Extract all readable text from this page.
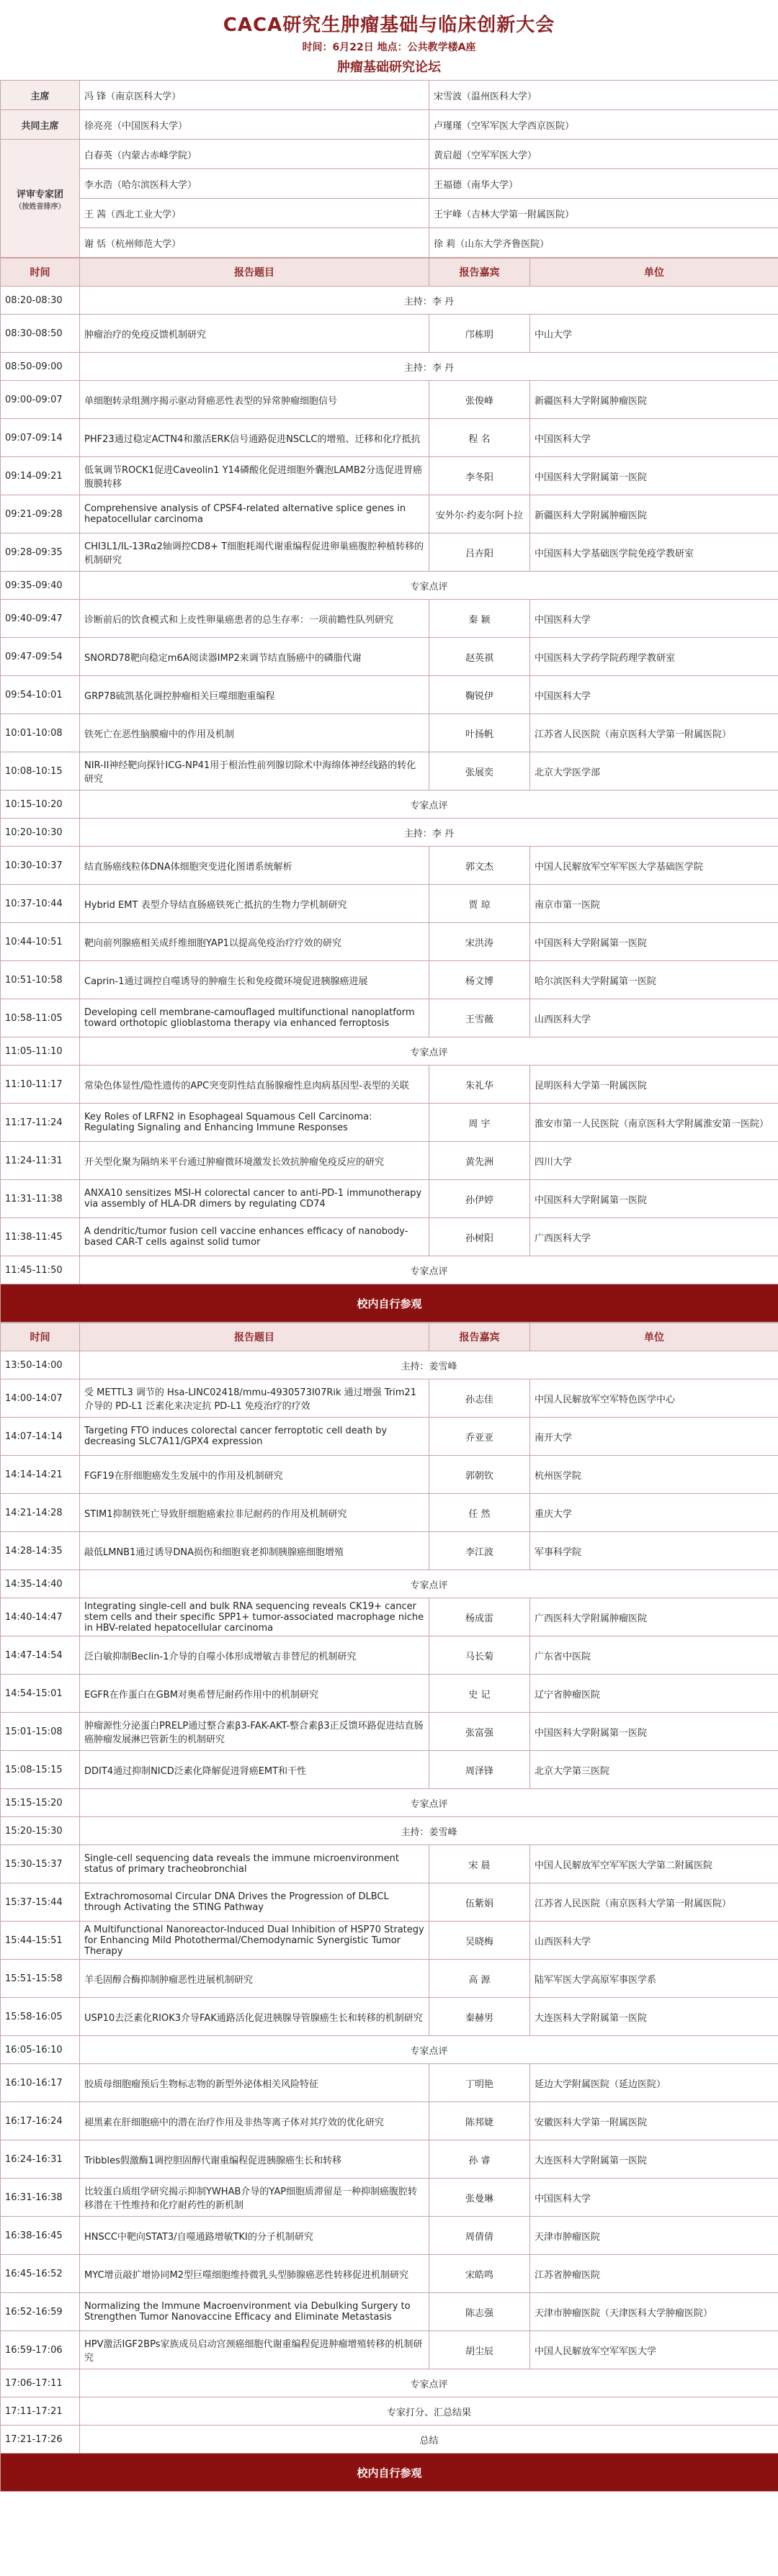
CACA研究生肿瘤基础与临床创新大会
时间：6月22日 地点：公共教学楼A座
肿瘤基础研究论坛
主席	冯 锋（南京医科大学）	宋雪波（温州医科大学）
共同主席	徐亮亮（中国医科大学）	卢瑾瑾（空军军医大学西京医院）
评审专家团
（按姓音排序）	白春英（内蒙古赤峰学院）	黄启超（空军军医大学）
	李水浩（哈尔滨医科大学）	王福德（南华大学）
	王 茜（西北工业大学）	王宇峰（吉林大学第一附属医院）
	谢 恬（杭州师范大学）	徐 莉（山东大学齐鲁医院）
时间	报告题目	报告嘉宾	单位
08:20-08:30	主持：李 丹		
08:30-08:50	肿瘤治疗的免疫反馈机制研究	邝栋明	中山大学
08:50-09:00	主持：李 丹		
09:00-09:07	单细胞转录组测序揭示驱动肾癌恶性表型的异常肿瘤细胞信号	张俊峰	新疆医科大学附属肿瘤医院
09:07-09:14	PHF23通过稳定ACTN4和激活ERK信号通路促进NSCLC的增殖、迁移和化疗抵抗	程 名	中国医科大学
09:14-09:21	低氧调节ROCK1促进Caveolin1 Y14磷酸化促进细胞外囊泡LAMB2分选促进胃癌腹膜转移	李冬阳	中国医科大学附属第一医院
09:21-09:28	Comprehensive analysis of CPSF4-related alternative splice genes in hepatocellular carcinoma	安外尔·约麦尔阿卜拉	新疆医科大学附属肿瘤医院
09:28-09:35	CHI3L1/IL-13Rα2轴调控CD8+ T细胞耗竭代谢重编程促进卵巢癌腹腔种植转移的机制研究	吕卉阳	中国医科大学基础医学院免疫学教研室
09:35-09:40	专家点评		
09:40-09:47	诊断前后的饮食模式和上皮性卵巢癌患者的总生存率：一项前瞻性队列研究	秦 颖	中国医科大学
09:47-09:54	SNORD78靶向稳定m6A阅读器IMP2来调节结直肠癌中的磷脂代谢	赵英祺	中国医科大学药学院药理学教研室
09:54-10:01	GRP78硫凯基化调控肿瘤相关巨噬细胞重编程	鞠锐伊	中国医科大学
10:01-10:08	铁死亡在恶性脑膜瘤中的作用及机制	叶扬帆	江苏省人民医院（南京医科大学第一附属医院）
10:08-10:15	NIR-II神经靶向探针ICG-NP41用于根治性前列腺切除术中海绵体神经线路的转化研究	张展奕	北京大学医学部
10:15-10:20	专家点评		
10:20-10:30	主持：李 丹		
10:30-10:37	结直肠癌线粒体DNA体细胞突变进化图谱系统解析	郭文杰	中国人民解放军空军军医大学基础医学院
10:37-10:44	Hybrid EMT 表型介导结直肠癌铁死亡抵抗的生物力学机制研究	贾 琼	南京市第一医院
10:44-10:51	靶向前列腺癌相关成纤维细胞YAP1以提高免疫治疗疗效的研究	宋洪涛	中国医科大学附属第一医院
10:51-10:58	Caprin-1通过调控自噬诱导的肿瘤生长和免疫微环境促进胰腺癌进展	杨文博	哈尔滨医科大学附属第一医院
10:58-11:05	Developing cell membrane-camouflaged multifunctional nanoplatform toward orthotopic glioblastoma therapy via enhanced ferroptosis	王雪薇	山西医科大学
11:05-11:10	专家点评		
11:10-11:17	常染色体显性/隐性遗传的APC突变阴性结直肠腺瘤性息肉病基因型-表型的关联	朱礼华	昆明医科大学第一附属医院
11:17-11:24	Key Roles of LRFN2 in Esophageal Squamous Cell Carcinoma: Regulating Signaling and Enhancing Immune Responses	周 宇	淮安市第一人民医院（南京医科大学附属淮安第一医院）
11:24-11:31	开关型化聚为隔纳米平台通过肿瘤微环境激发长效抗肿瘤免疫反应的研究	黄先洲	四川大学
11:31-11:38	ANXA10 sensitizes MSI-H colorectal cancer to anti-PD-1 immunotherapy via assembly of HLA-DR dimers by regulating CD74	孙伊婷	中国医科大学附属第一医院
11:38-11:45	A dendritic/tumor fusion cell vaccine enhances efficacy of nanobody-based CAR-T cells against solid tumor	孙树阳	广西医科大学
11:45-11:50	专家点评		
校内自行参观			
时间	报告题目	报告嘉宾	单位
13:50-14:00	主持：姜雪峰		
14:00-14:07	受 METTL3 调节的 Hsa-LINC02418/mmu-4930573I07Rik 通过增强 Trim21 介导的 PD-L1 泛素化来决定抗 PD-L1 免疫治疗的疗效	孙志佳	中国人民解放军空军特色医学中心
14:07-14:14	Targeting FTO induces colorectal cancer ferroptotic cell death by decreasing SLC7A11/GPX4 expression	乔亚亚	南开大学
14:14-14:21	FGF19在肝细胞癌发生发展中的作用及机制研究	郭朝钦	杭州医学院
14:21-14:28	STIM1抑制铁死亡导致肝细胞癌索拉非尼耐药的作用及机制研究	任 然	重庆大学
14:28-14:35	敲低LMNB1通过诱导DNA损伤和细胞衰老抑制胰腺癌细胞增殖	李江波	军事科学院
14:35-14:40	专家点评		
14:40-14:47	Integrating single-cell and bulk RNA sequencing reveals CK19+ cancer stem cells and their specific SPP1+ tumor-associated macrophage niche in HBV-related hepatocellular carcinoma	杨成雷	广西医科大学附属肿瘤医院
14:47-14:54	泛白敏抑制Beclin-1介导的自噬小体形成增敏吉非替尼的机制研究	马长菊	广东省中医院
14:54-15:01	EGFR在作蛋白在GBM对奥希替尼耐药作用中的机制研究	史 记	辽宁省肿瘤医院
15:01-15:08	肿瘤源性分泌蛋白PRELP通过整合素β3-FAK-AKT-整合素β3正反馈环路促进结直肠癌肿瘤发展淋巴管新生的机制研究	张富强	中国医科大学附属第一医院
15:08-15:15	DDIT4通过抑制NICD泛素化降解促进肾癌EMT和干性	周泽锋	北京大学第三医院
15:15-15:20	专家点评		
15:20-15:30	主持：姜雪峰		
15:30-15:37	Single-cell sequencing data reveals the immune microenvironment status of primary tracheobronchial	宋 晨	中国人民解放军空军军医大学第二附属医院
15:37-15:44	Extrachromosomal Circular DNA Drives the Progression of DLBCL through Activating the STING Pathway	伍紫娟	江苏省人民医院（南京医科大学第一附属医院）
15:44-15:51	A Multifunctional Nanoreactor-Induced Dual Inhibition of HSP70 Strategy for Enhancing Mild Photothermal/Chemodynamic Synergistic Tumor Therapy	吴晓梅	山西医科大学
15:51-15:58	羊毛固醇合酶抑制肿瘤恶性进展机制研究	高 源	陆军军医大学高原军事医学系
15:58-16:05	USP10去泛素化RIOK3介导FAK通路活化促进胰腺导管腺癌生长和转移的机制研究	秦赫男	大连医科大学附属第一医院
16:05-16:10	专家点评		
16:10-16:17	胶质母细胞瘤预后生物标志物的新型外泌体相关风险特征	丁明艳	延边大学附属医院（延边医院）
16:17-16:24	褪黑素在肝细胞癌中的潜在治疗作用及非热等离子体对其疗效的优化研究	陈邦婕	安徽医科大学第一附属医院
16:24-16:31	Tribbles假激酶1调控胆固醇代谢重编程促进胰腺癌生长和转移	孙 睿	大连医科大学附属第一医院
16:31-16:38	比较蛋白质组学研究揭示抑制YWHAB介导的YAP细胞质滞留是一种抑制癌腹腔转移潜在干性维持和化疗耐药性的新机制	张曼琳	中国医科大学
16:38-16:45	HNSCC中靶向STAT3/自噬通路增敏TKI的分子机制研究	周倩倩	天津市肿瘤医院
16:45-16:52	MYC增贡敲扩增协同M2型巨噬细胞维持微乳头型肺腺癌恶性转移促进机制研究	宋皓鸣	江苏省肿瘤医院
16:52-16:59	Normalizing the Immune Macroenvironment via Debulking Surgery to Strengthen Tumor Nanovaccine Efficacy and Eliminate Metastasis	陈志强	天津市肿瘤医院（天津医科大学肿瘤医院）
16:59-17:06	HPV激活IGF2BPs家族成员启动宫颈癌细胞代谢重编程促进肿瘤增殖转移的机制研究	胡尘辰	中国人民解放军空军军医大学
17:06-17:11	专家点评		
17:11-17:21	专家打分、汇总结果		
17:21-17:26	总结		
校内自行参观			
